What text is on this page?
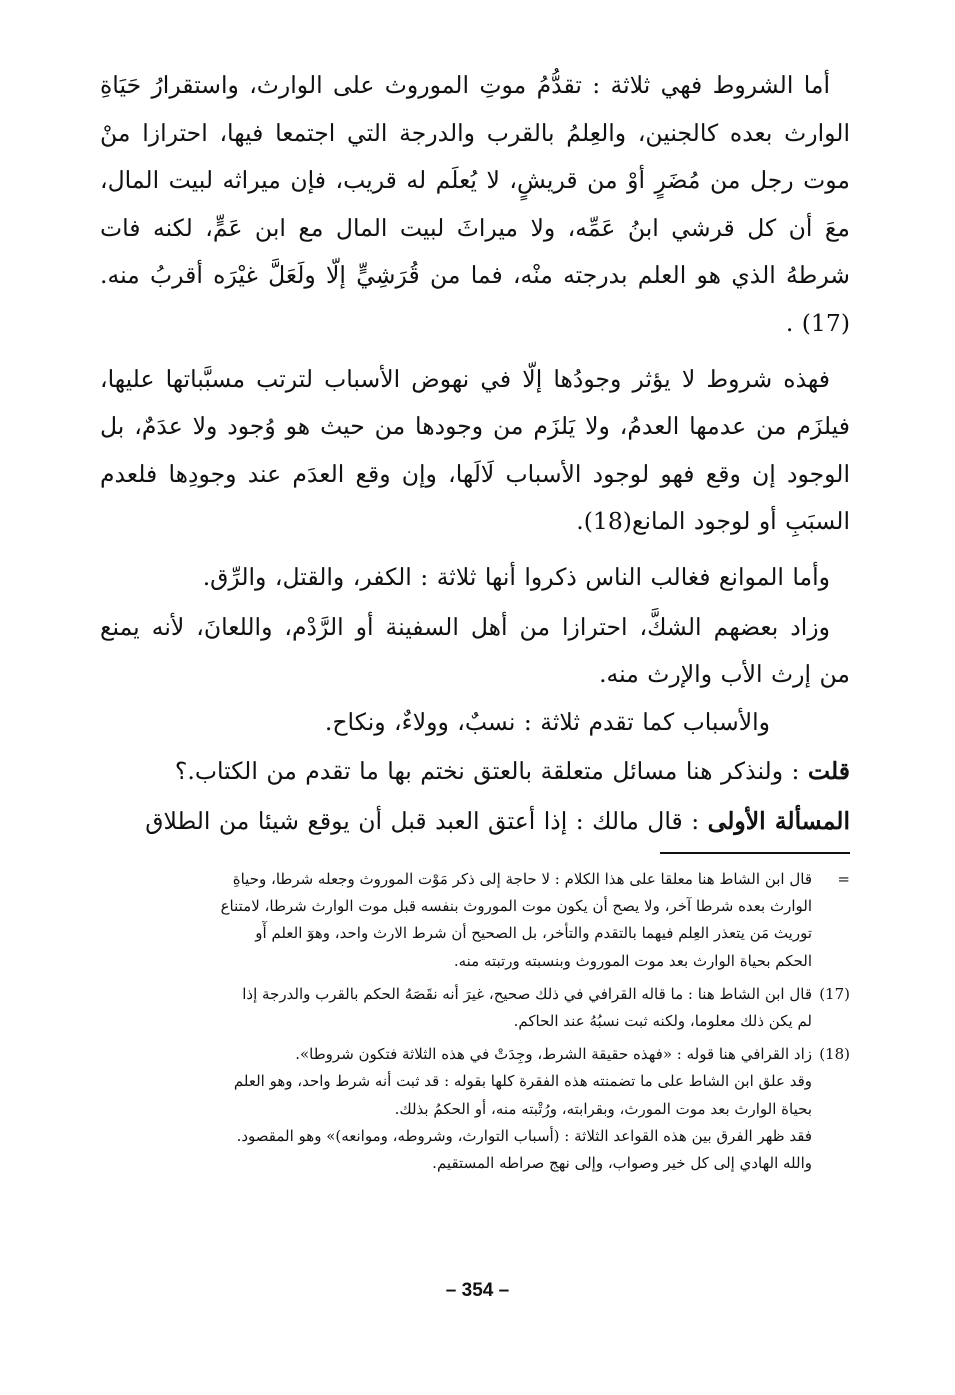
أما الشروط فهي ثلاثة : تقدُّمُ موتِ الموروث على الوارث، واستقرارُ حَيَاةِ الوارث بعده كالجنين، والعِلمُ بالقرب والدرجة التي اجتمعا فيها، احترازا منْ موت رجل من مُضَرٍ أوْ من قريشٍ، لا يُعلَم له قريب، فإن ميراثه لبيت المال، معَ أن كل قرشي ابنُ عَمِّه، ولا ميراثَ لبيت المال مع ابن عَمٍّ، لكنه فات شرطهُ الذي هو العلم بدرجته منْه، فما من قُرَشِيٍّ إلّا ولَعَلَّ غيْرَه أقربُ منه.(17) .

فهذه شروط لا يؤثر وجودُها إلّا في نهوض الأسباب لترتب مسبَّباتها عليها، فيلزَم من عدمها العدمُ، ولا يَلزَم من وجودها من حيث هو وُجود ولا عدَمٌ، بل الوجود إن وقع فهو لوجود الأسباب لَالَها، وإن وقع العدَم عند وجودِها فلعدم السبَبِ أو لوجود المانع(18).

وأما الموانع فغالب الناس ذكروا أنها ثلاثة : الكفر، والقتل، والرِّق.

وزاد بعضهم الشكَّ، احترازا من أهل السفينة أو الرَّدْم، واللعانَ، لأنه يمنع من إرث الأب والإرث منه.

والأسباب كما تقدم ثلاثة : نسبٌ، وولاءٌ، ونكاح.

قلت : ولنذكر هنا مسائل متعلقة بالعتق نختم بها ما تقدم من الكتاب.؟

المسألة الأولى : قال مالك : إذا أعتق العبد قبل أن يوقع شيئا من الطلاق

=
قال ابن الشاط هنا معلقا على هذا الكلام : لا حاجة إلى ذكر مَوْت الموروث وجعله شرطا، وحياةِ
الوارث بعده شرطا آخر، ولا يصح أن يكون موت الموروث بنفسه قبل موت الوارث شرطا، لامتناع
توريث مَن يتعذر العِلم فيهما بالتقدم والتأخر، بل الصحيح أن شرط الارث واحد، وهوٓ العلم أٓو
الحكم بحياة الوارث بعد موت الموروث وبنسبته ورتبته منه.
(17)
قال ابن الشاط هنا : ما قاله القرافي في ذلك صحيح، غيرَ أنه نقَصَهُ الحكم بالقرب والدرجة إذا
لم يكن ذلك معلوما، ولكنه ثبت نسبُهُ عند الحاكم.
(18)
زاد القرافي هنا قوله : «فهذه حقيقة الشرط، وجِدَتْ في هذه الثلاثة فتكون شروطا».
وقد علق ابن الشاط على ما تضمنته هذه الفقرة كلها بقوله : قد ثبت أنه شرط واحد، وهو العلم
بحياة الوارث بعد موت المورث، وبقرابته، ورُتْبته منه، أو الحكمُ بذلك.
فقد ظهر الفرق بين هذه القواعد الثلاثة : (أسباب التوارث، وشروطه، وموانعه)» وهو المقصود.
والله الهادي إلى كل خير وصواب، وإلى نهج صراطه المستقيم.
– 354 –
